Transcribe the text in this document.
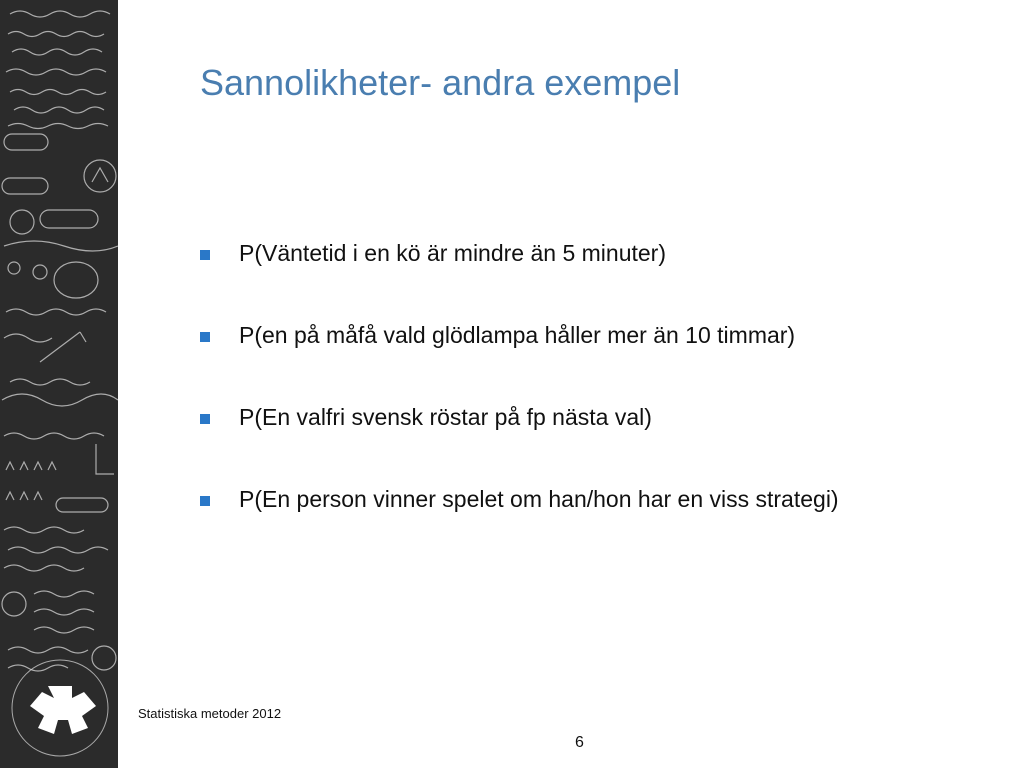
Sannolikheter- andra exempel
P(Väntetid i en kö är mindre än 5 minuter)
P(en på måfå vald glödlampa håller mer än 10 timmar)
P(En valfri svensk röstar på fp nästa val)
P(En person vinner spelet om han/hon har en viss strategi)
Statistiska metoder 2012
6
